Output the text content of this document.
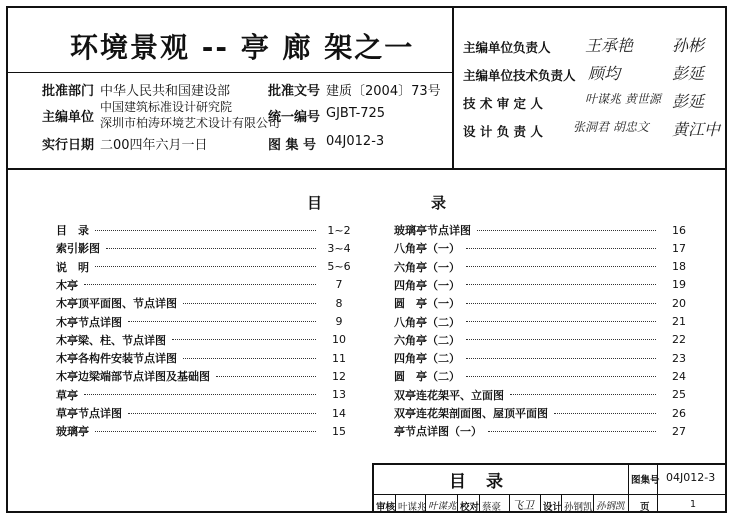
环境景观 -- 亭 廊 架之一
批准部门 中华人民共和国建设部	批准文号 建质〔2004〕73号
主编单位
中国建筑标准设计研究院
深圳市柏涛环境艺术设计有限公司
统一编号 GJBT-725
实行日期 二00四年六月一日	图 集 号 04J012-3
主编单位负责人 王承艳 孙彬
主编单位技术负责人 顾均	彭延
技 术 审 定 人	叶谋兆 黄世源 彭延
设 计 负 责 人	张洞君 胡忠文 黄江中
目	录
目　录	1~2
索引影图	3~4
说　明	5~6
木亭	7
木亭顶平面图、节点详图	8
木亭节点详图	9
木亭梁、柱、节点详图	10
木亭各构件安装节点详图	11
木亭边梁端部节点详图及基础图	12
草亭	13
草亭节点详图	14
玻璃亭	15
玻璃亭节点详图	16
八角亭（一）	17
六角亭（一）	18
四角亭（一）	19
圆　亭（一）	20
八角亭（二）	21
六角亭（二）	22
四角亭（二）	23
圆　亭（二）	24
双亭连花架平、立面图	25
双亭连花架剖面图、屋顶平面图	26
亭节点详图（一）	27
目录	图集号 04J012-3
审核 叶谋兆 叶谋兆 校对 蔡豪 飞卫 设计 孙钢凯 孙钢凯 页	1
